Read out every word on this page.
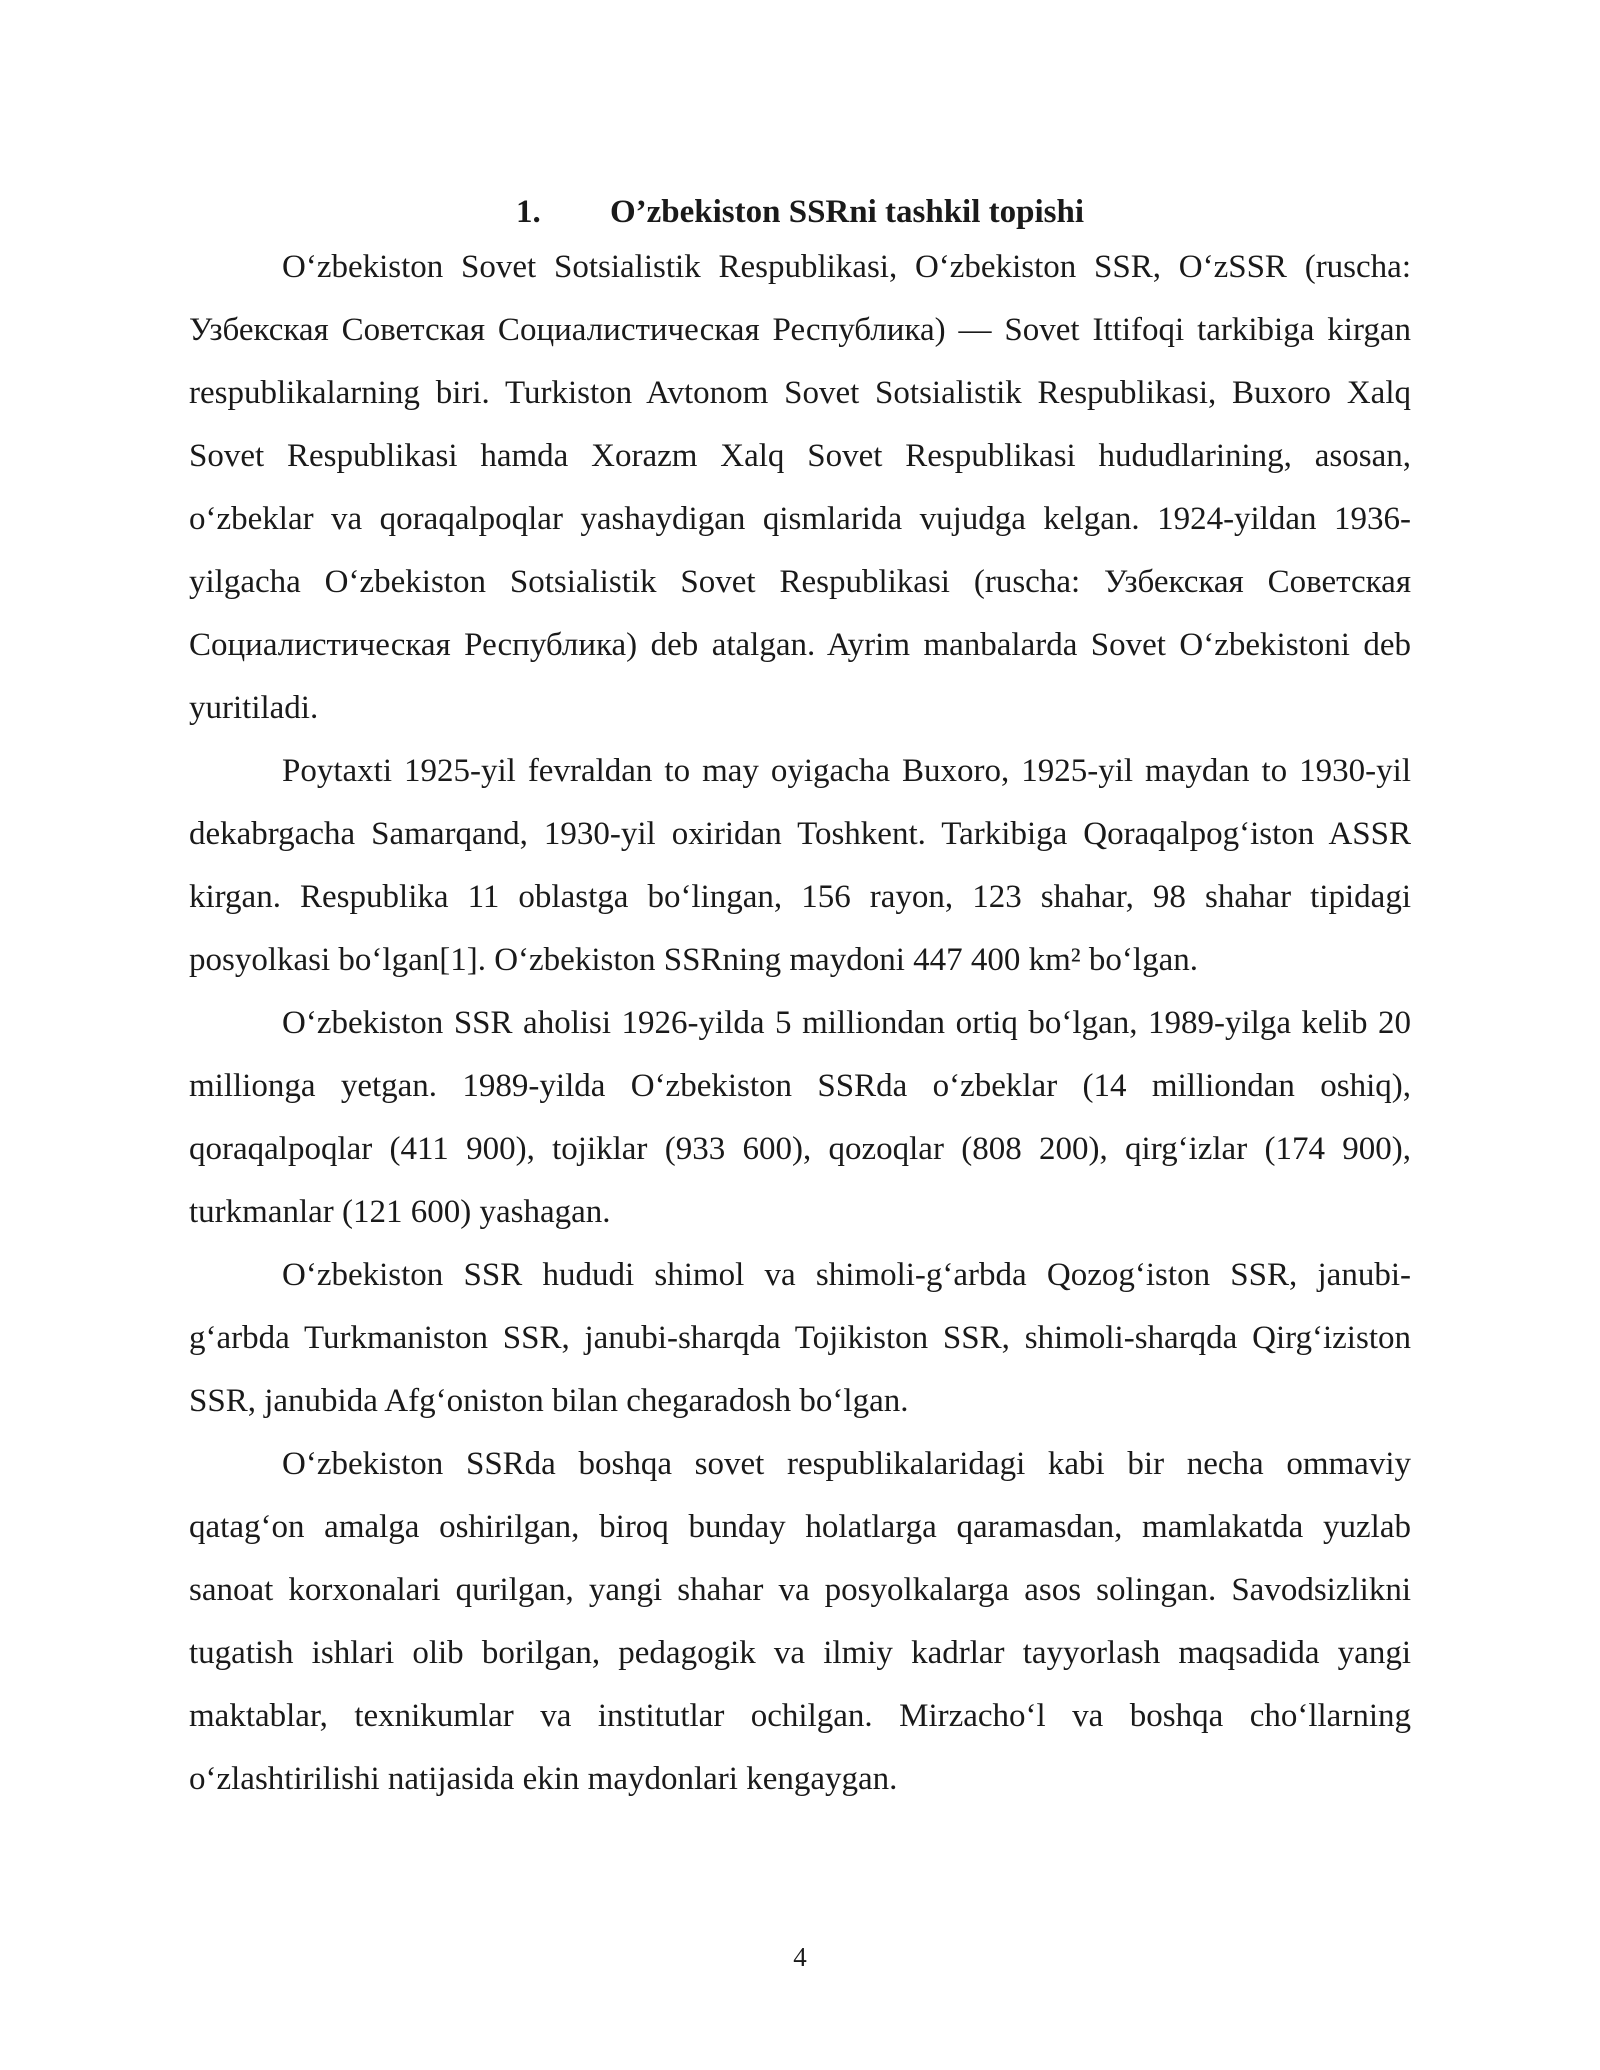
1.	O’zbekiston SSRni tashkil topishi

O‘zbekiston Sovet Sotsialistik Respublikasi, O‘zbekiston SSR, O‘zSSR (ruscha: Узбекская Советская Социалистическая Республика) — Sovet Ittifoqi tarkibiga kirgan respublikalarning biri. Turkiston Avtonom Sovet Sotsialistik Respublikasi, Buxoro Xalq Sovet Respublikasi hamda Xorazm Xalq Sovet Respublikasi hududlarining, asosan, o‘zbeklar va qoraqalpoqlar yashaydigan qismlarida vujudga kelgan. 1924-yildan 1936-yilgacha O‘zbekiston Sotsialistik Sovet Respublikasi (ruscha: Узбекская Советская Социалистическая Республика) deb atalgan. Ayrim manbalarda Sovet O‘zbekistoni deb yuritiladi.

Poytaxti 1925-yil fevraldan to may oyigacha Buxoro, 1925-yil maydan to 1930-yil dekabrgacha Samarqand, 1930-yil oxiridan Toshkent. Tarkibiga Qoraqalpog‘iston ASSR kirgan. Respublika 11 oblastga bo‘lingan, 156 rayon, 123 shahar, 98 shahar tipidagi posyolkasi bo‘lgan[1]. O‘zbekiston SSRning maydoni 447 400 km² bo‘lgan.

O‘zbekiston SSR aholisi 1926-yilda 5 milliondan ortiq bo‘lgan, 1989-yilga kelib 20 millionga yetgan. 1989-yilda O‘zbekiston SSRda o‘zbeklar (14 milliondan oshiq), qoraqalpoqlar (411 900), tojiklar (933 600), qozoqlar (808 200), qirg‘izlar (174 900), turkmanlar (121 600) yashagan.

O‘zbekiston SSR hududi shimol va shimoli-g‘arbda Qozog‘iston SSR, janubi-g‘arbda Turkmaniston SSR, janubi-sharqda Tojikiston SSR, shimoli-sharqda Qirg‘iziston SSR, janubida Afg‘oniston bilan chegaradosh bo‘lgan.

O‘zbekiston SSRda boshqa sovet respublikalaridagi kabi bir necha ommaviy qatag‘on amalga oshirilgan, biroq bunday holatlarga qaramasdan, mamlakatda yuzlab sanoat korxonalari qurilgan, yangi shahar va posyolkalarga asos solingan. Savodsizlikni tugatish ishlari olib borilgan, pedagogik va ilmiy kadrlar tayyorlash maqsadida yangi maktablar, texnikumlar va institutlar ochilgan. Mirzacho‘l va boshqa cho‘llarning o‘zlashtirilishi natijasida ekin maydonlari kengaygan.

4
